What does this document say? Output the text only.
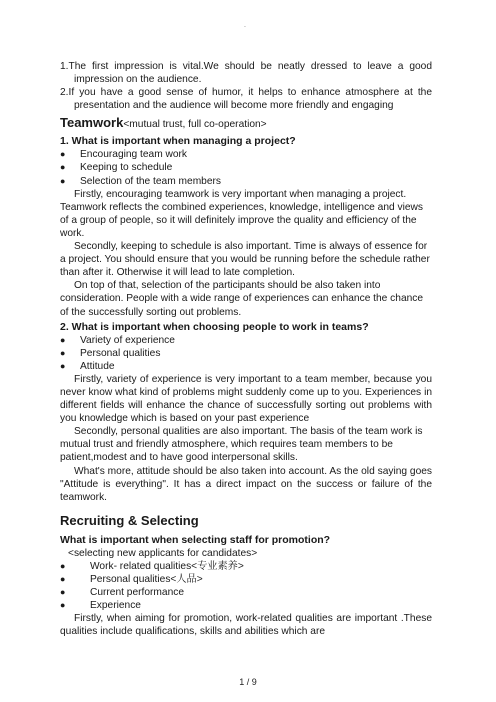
.
1.The first impression is vital.We should be neatly dressed to leave a good impression on the audience.
2.If you have a good sense of humor, it helps to enhance atmosphere at the presentation and the audience will become more friendly and engaging
Teamwork<mutual trust, full co-operation>
1. What is important when managing a project?
● Encouraging team work
● Keeping to schedule
● Selection of the team members
Firstly, encouraging teamwork is very important when managing a project. Teamwork reflects the combined experiences, knowledge, intelligence and views of a group of people, so it will definitely improve the quality and efficiency of the work.
Secondly, keeping to schedule is also important. Time is always of essence for a project. You should ensure that you would be running before the schedule rather than after it. Otherwise it will lead to late completion.
On top of that, selection of the participants should be also taken into consideration. People with a wide range of experiences can enhance the chance of the successfully sorting out problems.
2. What is important when choosing people to work in teams?
● Variety of experience
● Personal qualities
● Attitude
Firstly, variety of experience is very important to a team member, because you never know what kind of problems might suddenly come up to you. Experiences in different fields will enhance the chance of successfully sorting out problems with you knowledge which is based on your past experience
Secondly, personal qualities are also important. The basis of the team work is mutual trust and friendly atmosphere, which requires team members to be patient,modest and to have good interpersonal skills.
What's more, attitude should be also taken into account. As the old saying goes "Attitude is everything". It has a direct impact on the success or failure of the teamwork.
Recruiting & Selecting
What is important when selecting staff for promotion?
<selecting new applicants for candidates>
● Work- related qualities<专业素养>
● Personal qualities<人品>
● Current performance
● Experience
Firstly, when aiming for promotion, work-related qualities are important .These qualities include qualifications, skills and abilities which are
1 / 9
